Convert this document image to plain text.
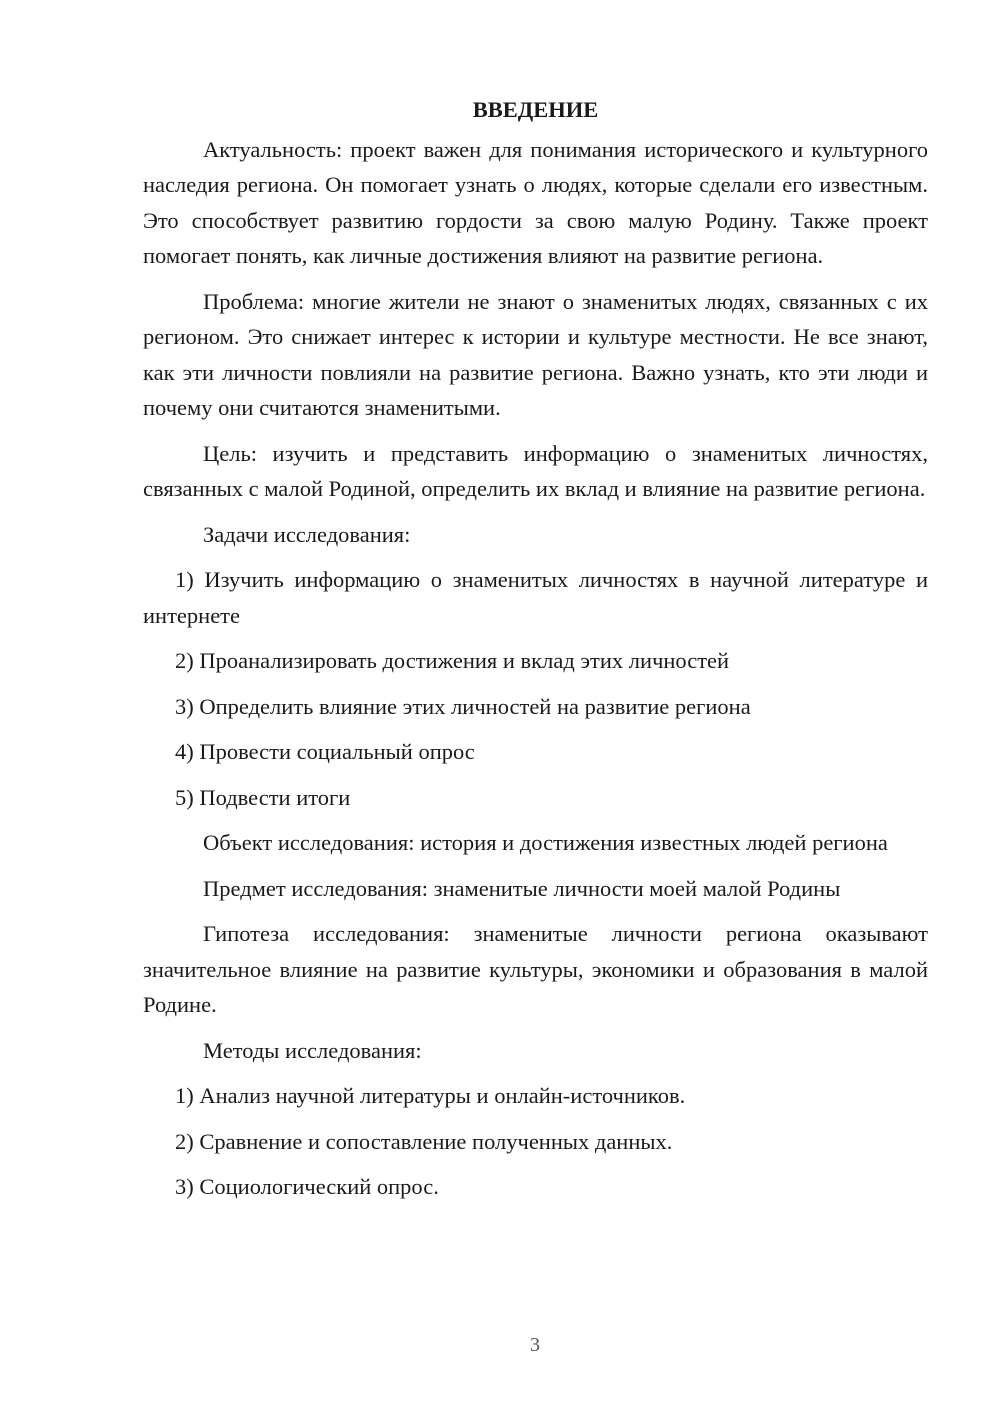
ВВЕДЕНИЕ

Актуальность: проект важен для понимания исторического и культурного наследия региона. Он помогает узнать о людях, которые сделали его известным. Это способствует развитию гордости за свою малую Родину. Также проект помогает понять, как личные достижения влияют на развитие региона.

Проблема: многие жители не знают о знаменитых людях, связанных с их регионом. Это снижает интерес к истории и культуре местности. Не все знают, как эти личности повлияли на развитие региона. Важно узнать, кто эти люди и почему они считаются знаменитыми.

Цель: изучить и представить информацию о знаменитых личностях, связанных с малой Родиной, определить их вклад и влияние на развитие региона.

Задачи исследования:

1) Изучить информацию о знаменитых личностях в научной литературе и интернете

2) Проанализировать достижения и вклад этих личностей

3) Определить влияние этих личностей на развитие региона

4) Провести социальный опрос

5) Подвести итоги

Объект исследования: история и достижения известных людей региона

Предмет исследования: знаменитые личности моей малой Родины

Гипотеза исследования: знаменитые личности региона оказывают значительное влияние на развитие культуры, экономики и образования в малой Родине.

Методы исследования:

1) Анализ научной литературы и онлайн-источников.

2) Сравнение и сопоставление полученных данных.

3) Социологический опрос.

3
